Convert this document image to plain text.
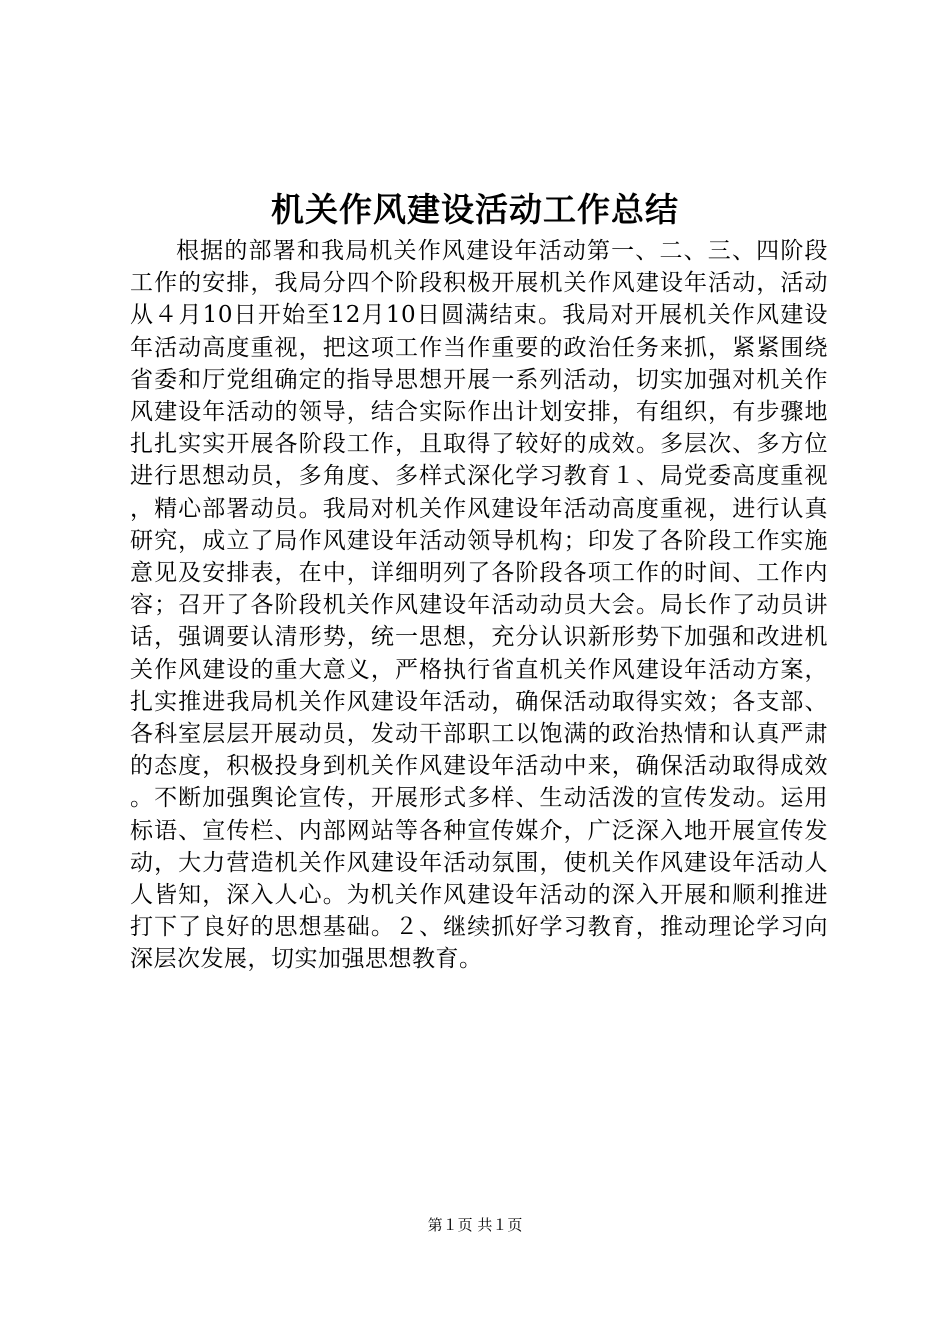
机关作风建设活动工作总结

根据的部署和我局机关作风建设年活动第一、二、三、四阶段工作的安排，我局分四个阶段积极开展机关作风建设年活动，活动从４月10日开始至12月10日圆满结束。我局对开展机关作风建设年活动高度重视，把这项工作当作重要的政治任务来抓，紧紧围绕省委和厅党组确定的指导思想开展一系列活动，切实加强对机关作风建设年活动的领导，结合实际作出计划安排，有组织，有步骤地扎扎实实开展各阶段工作，且取得了较好的成效。多层次、多方位进行思想动员，多角度、多样式深化学习教育１、局党委高度重视，精心部署动员。我局对机关作风建设年活动高度重视，进行认真研究，成立了局作风建设年活动领导机构；印发了各阶段工作实施意见及安排表，在中，详细明列了各阶段各项工作的时间、工作内容；召开了各阶段机关作风建设年活动动员大会。局长作了动员讲话，强调要认清形势，统一思想，充分认识新形势下加强和改进机关作风建设的重大意义，严格执行省直机关作风建设年活动方案，扎实推进我局机关作风建设年活动，确保活动取得实效；各支部、各科室层层开展动员，发动干部职工以饱满的政治热情和认真严肃的态度，积极投身到机关作风建设年活动中来，确保活动取得成效。不断加强舆论宣传，开展形式多样、生动活泼的宣传发动。运用标语、宣传栏、内部网站等各种宣传媒介，广泛深入地开展宣传发动，大力营造机关作风建设年活动氛围，使机关作风建设年活动人人皆知，深入人心。为机关作风建设年活动的深入开展和顺利推进打下了良好的思想基础。２、继续抓好学习教育，推动理论学习向深层次发展，切实加强思想教育。

第１页 共１页
